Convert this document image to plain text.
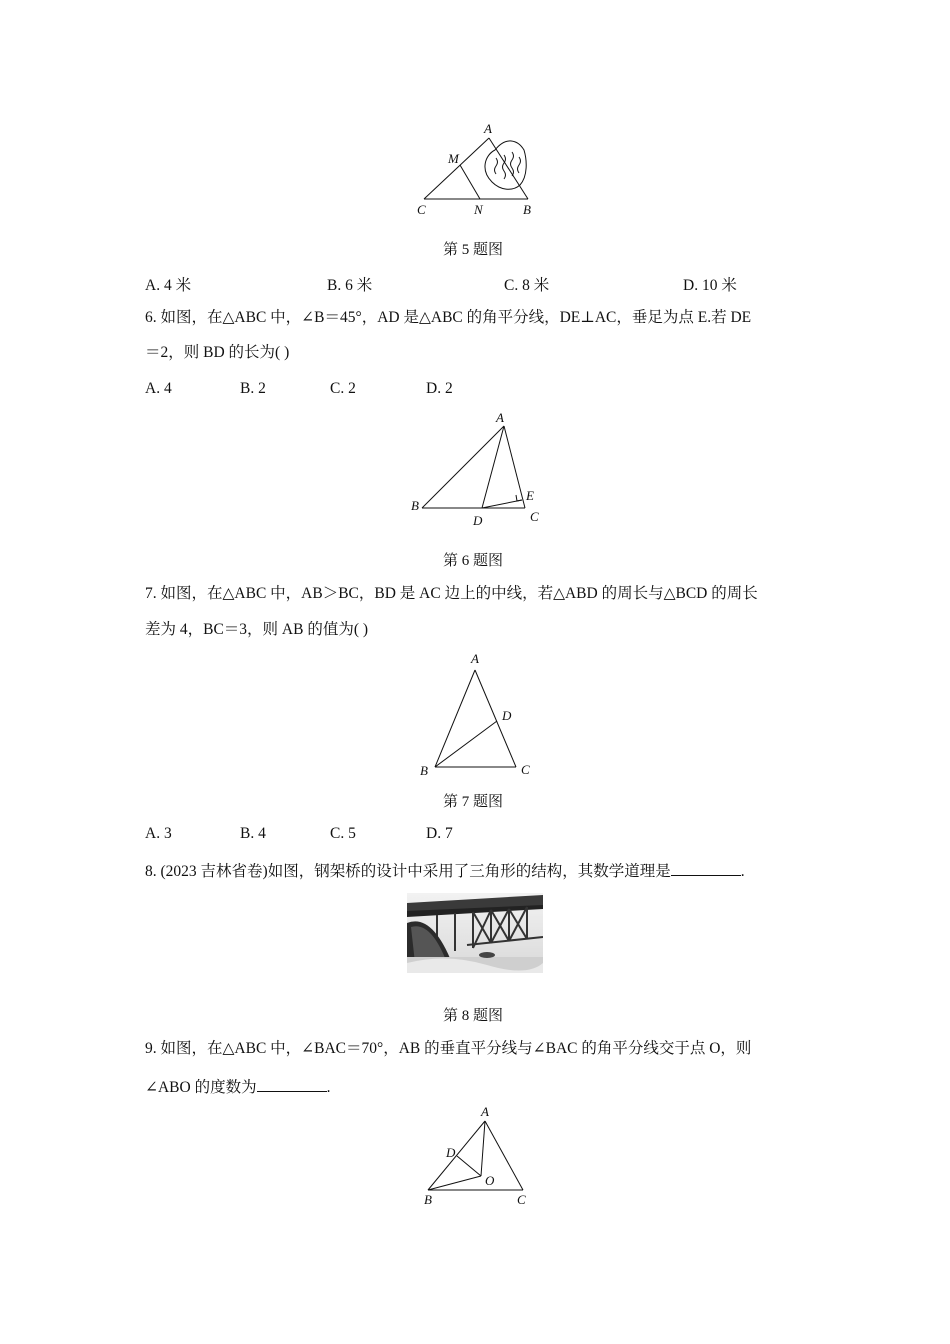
A
M
C	N	B
第 5 题图
A. 4 米	B. 6 米	C. 8 米	D. 10 米
6. 如图，在△ABC 中，∠B＝45°，AD 是△ABC 的角平分线，DE⊥AC，垂足为点 E.若 DE
＝2，则 BD 的长为( )
A. 4	B. 2	C. 2	D. 2
A
B
D
E
C
第 6 题图
7. 如图，在△ABC 中，AB＞BC，BD 是 AC 边上的中线，若△ABD 的周长与△BCD 的周长
差为 4，BC＝3，则 AB 的值为( )
A
D
B	C
第 7 题图
A. 3	B. 4	C. 5	D. 7
8. (2023 吉林省卷)如图，钢架桥的设计中采用了三角形的结构，其数学道理是	.
第 8 题图
9. 如图，在△ABC 中，∠BAC＝70°，AB 的垂直平分线与∠BAC 的角平分线交于点 O，则
∠ABO 的度数为	.
A
D
O
B	C
